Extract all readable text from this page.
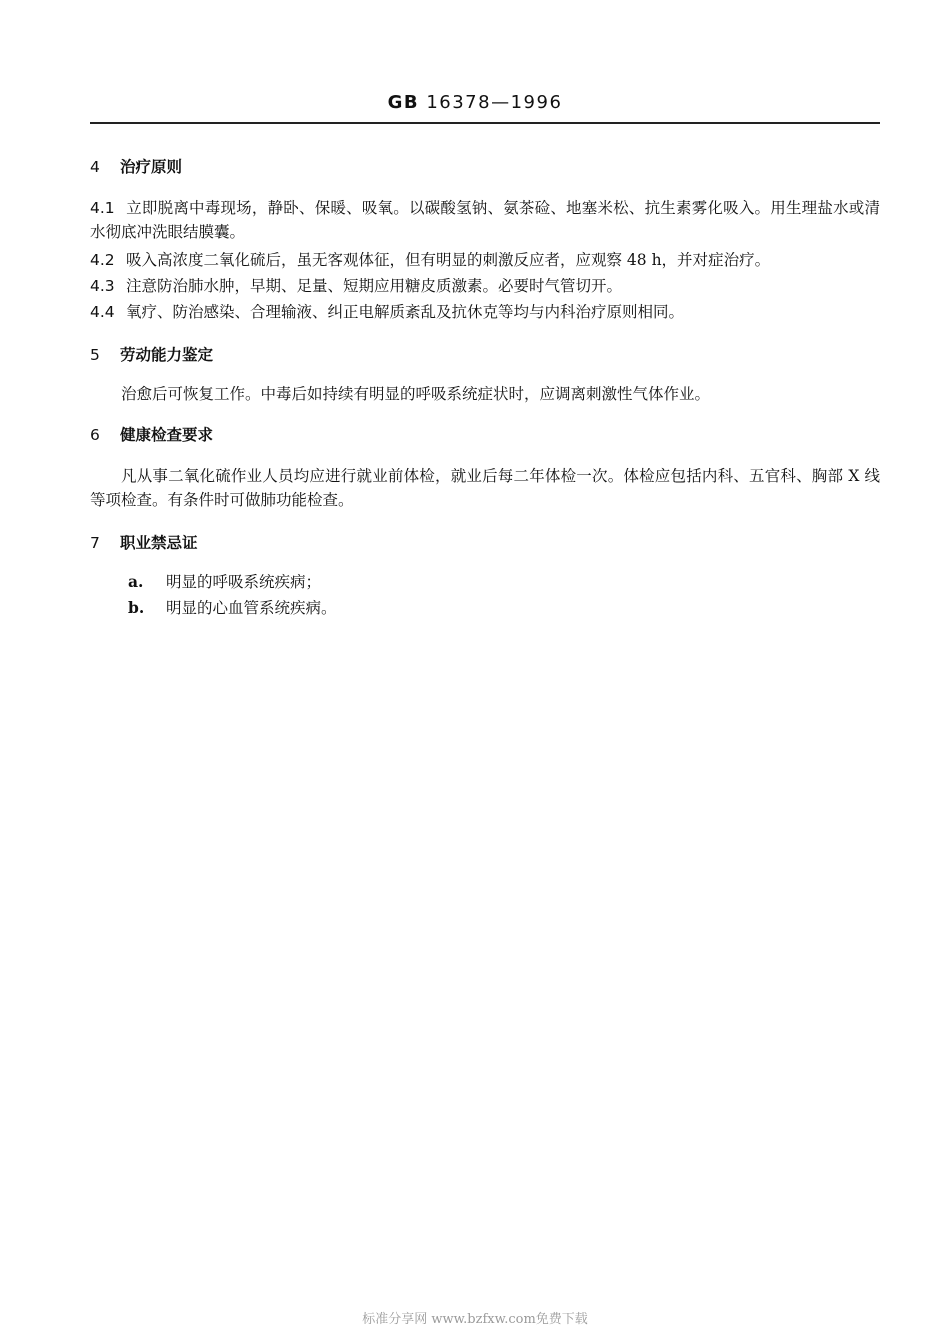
GB 16378—1996
4 治疗原则
4.1 立即脱离中毒现场，静卧、保暖、吸氧。以碳酸氢钠、氨茶硷、地塞米松、抗生素雾化吸入。用生理盐水或清水彻底冲洗眼结膜囊。
4.2 吸入高浓度二氧化硫后，虽无客观体征，但有明显的刺激反应者，应观察 48 h，并对症治疗。
4.3 注意防治肺水肿，早期、足量、短期应用糖皮质激素。必要时气管切开。
4.4 氧疗、防治感染、合理输液、纠正电解质紊乱及抗休克等均与内科治疗原则相同。
5 劳动能力鉴定
治愈后可恢复工作。中毒后如持续有明显的呼吸系统症状时，应调离刺激性气体作业。
6 健康检查要求
凡从事二氧化硫作业人员均应进行就业前体检，就业后每二年体检一次。体检应包括内科、五官科、胸部 X 线等项检查。有条件时可做肺功能检查。
7 职业禁忌证
a. 明显的呼吸系统疾病；
b. 明显的心血管系统疾病。
标准分享网 www.bzfxw.com免费下载
